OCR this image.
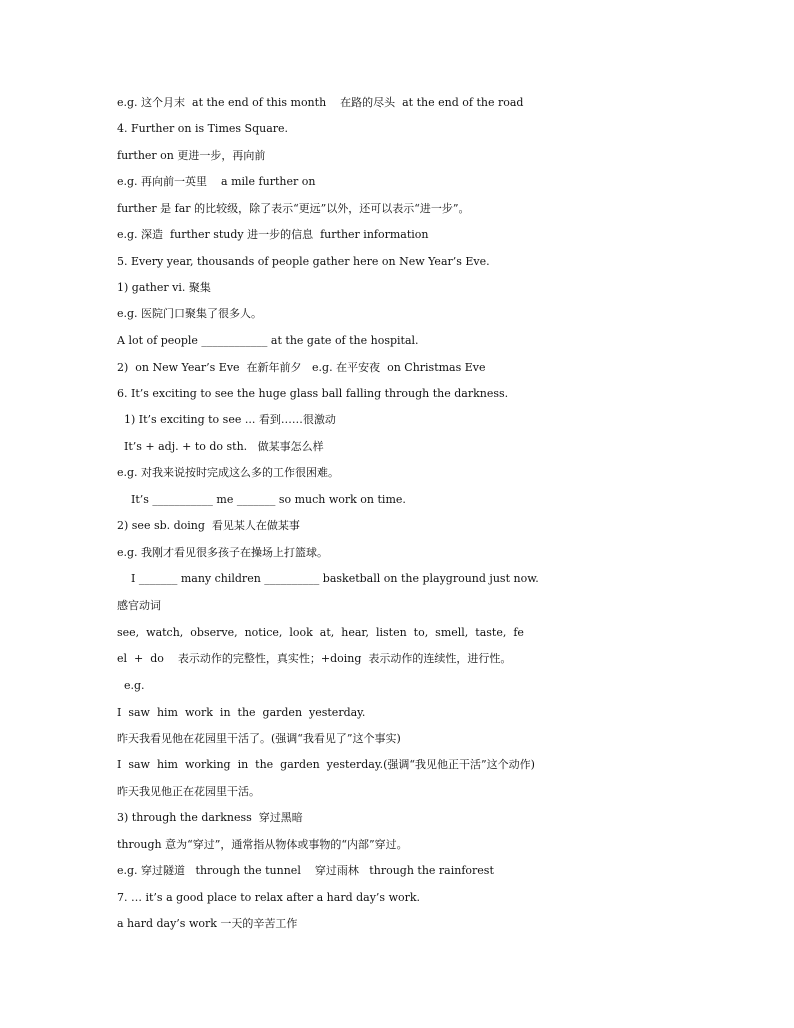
e.g. 这个月末  at the end of this month    在路的尽头  at the end of the road
4. Further on is Times Square.
further on 更进一步，再向前
e.g. 再向前一英里    a mile further on
further 是 far 的比较级，除了表示“更远”以外，还可以表示“进一步”。
e.g. 深造  further study 进一步的信息  further information
5. Every year, thousands of people gather here on New Year’s Eve.
1) gather vi. 聚集
e.g. 医院门口聚集了很多人。
A lot of people ____________ at the gate of the hospital.
2)  on New Year’s Eve  在新年前夕   e.g. 在平安夜  on Christmas Eve
6. It’s exciting to see the huge glass ball falling through the darkness.
1) It’s exciting to see ... 看到……很激动
It’s + adj. + to do sth.   做某事怎么样
e.g. 对我来说按时完成这么多的工作很困难。
It’s ___________ me _______ so much work on time.
2) see sb. doing  看见某人在做某事
e.g. 我刚才看见很多孩子在操场上打篮球。
I _______ many children __________ basketball on the playground just now.
感官动词
see,  watch,  observe,  notice,  look  at,  hear,  listen  to,  smell,  taste,  fe
el  +  do    表示动作的完整性，真实性；+doing  表示动作的连续性，进行性。
e.g.
I  saw  him  work  in  the  garden  yesterday.
昨天我看见他在花园里干活了。(强调“我看见了”这个事实)
I  saw  him  working  in  the  garden  yesterday.(强调“我见他正干活”这个动作)
昨天我见他正在花园里干活。
3) through the darkness  穿过黑暗
through 意为“穿过”，通常指从物体或事物的“内部”穿过。
e.g. 穿过隧道   through the tunnel    穿过雨林   through the rainforest
7. … it’s a good place to relax after a hard day’s work.
a hard day’s work 一天的辛苦工作
